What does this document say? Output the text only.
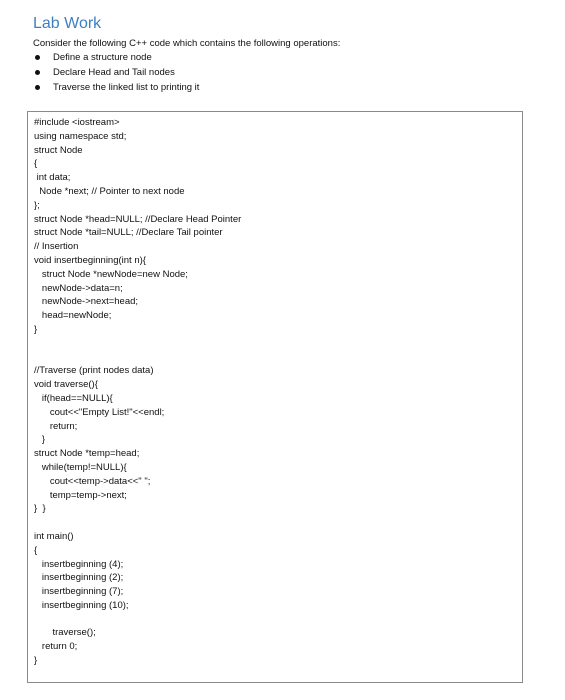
Lab Work

Consider the following C++ code which contains the following operations:

Define a structure node
Declare Head and Tail nodes
Traverse the linked list to printing it
#include <iostream>
using namespace std;
struct Node
{
int data;
Node *next; // Pointer to next node
};
struct Node *head=NULL; //Declare Head Pointer
struct Node *tail=NULL; //Declare Tail pointer
// Insertion
void insertbeginning(int n){
struct Node *newNode=new Node;
newNode->data=n;
newNode->next=head;
head=newNode;
}
//Traverse (print nodes data)
void traverse(){
if(head==NULL){
cout<<"Empty List!"<<endl;
return;
}
struct Node *temp=head;
while(temp!=NULL){
cout<<temp->data<<" ";
temp=temp->next;
}  }
int main()
{
insertbeginning (4);
insertbeginning (2);
insertbeginning (7);
insertbeginning (10);
traverse();
return 0;
}
